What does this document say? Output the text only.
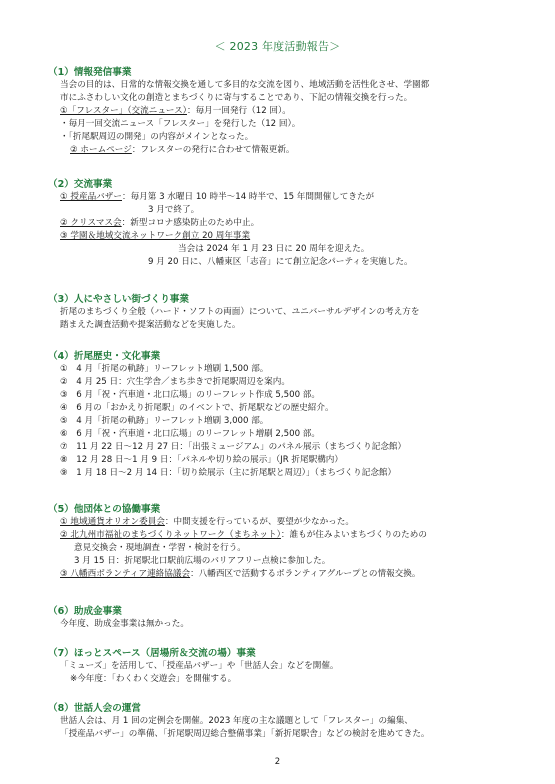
＜ 2023 年度活動報告＞
（1）情報発信事業
当会の目的は、日常的な情報交換を通して多目的な交流を図り、地域活動を活性化させ、学園都
市にふさわしい文化の創造とまちづくりに寄与することであり、下記の情報交換を行った。
①「フレスター」（交流ニュース）：毎月一回発行（12 回）。
・毎月一回交流ニュース「フレスター」を発行した（12 回）。
・「折尾駅周辺の開発」の内容がメインとなった。
② ホームページ：フレスターの発行に合わせて情報更新。
（2）交流事業
① 授産品バザー：毎月第 3 水曜日 10 時半～14 時半で、15 年間開催してきたが
3 月で終了。
② クリスマス会：新型コロナ感染防止のため中止。
③ 学園＆地域交流ネットワーク創立 20 周年事業
当会は 2024 年 1 月 23 日に 20 周年を迎えた。
9 月 20 日に、八幡東区「志音」にて創立記念パーティを実施した。
（3）人にやさしい街づくり事業
折尾のまちづくり全般（ハード・ソフトの両面）について、ユニバーサルデザインの考え方を
踏まえた調査活動や提案活動などを実施した。
（4）折尾歴史・文化事業
①　4 月「折尾の軌跡」リーフレット増刷 1,500 部。
②　4 月 25 日：穴生学舎／まち歩きで折尾駅周辺を案内。
③　6 月「祝・汽車道・北口広場」のリーフレット作成 5,500 部。
④　6 月の「おかえり折尾駅」のイベントで、折尾駅などの歴史紹介。
⑤　4 月「折尾の軌跡」リーフレット増刷 3,000 部。
⑥　6 月「祝・汽車道・北口広場」のリーフレット増刷 2,500 部。
⑦　11 月 22 日～12 月 27 日：「出張ミュージアム」のパネル展示（まちづくり記念館）
⑧　12 月 28 日～1 月 9 日：「パネルや切り絵の展示」（JR 折尾駅構内）
⑨　1 月 18 日～2 月 14 日：「切り絵展示（主に折尾駅と周辺）」（まちづくり記念館）
（5）他団体との協働事業
① 地域通貨オリオン委員会：中間支援を行っているが、要望が少なかった。
② 北九州市福祉のまちづくりネットワーク（まちネット）：誰もが住みよいまちづくりのための
意見交換会・現地調査・学習・検討を行う。
3 月 15 日：折尾駅北口駅前広場のバリアフリー点検に参加した。
③ 八幡西ボランティア連絡協議会：八幡西区で活動するボランティアグループとの情報交換。
（6）助成金事業
今年度、助成金事業は無かった。
（7）ほっとスペース（居場所＆交流の場）事業
「ミューズ」を活用して、「授産品バザー」や「世話人会」などを開催。
※今年度：「わくわく交遊会」を開催する。
（8）世話人会の運営
世話人会は、月 1 回の定例会を開催。2023 年度の主な議題として「フレスター」の編集、
「授産品バザー」の準備、「折尾駅周辺総合整備事業」「新折尾駅舎」などの検討を進めてきた。
2
